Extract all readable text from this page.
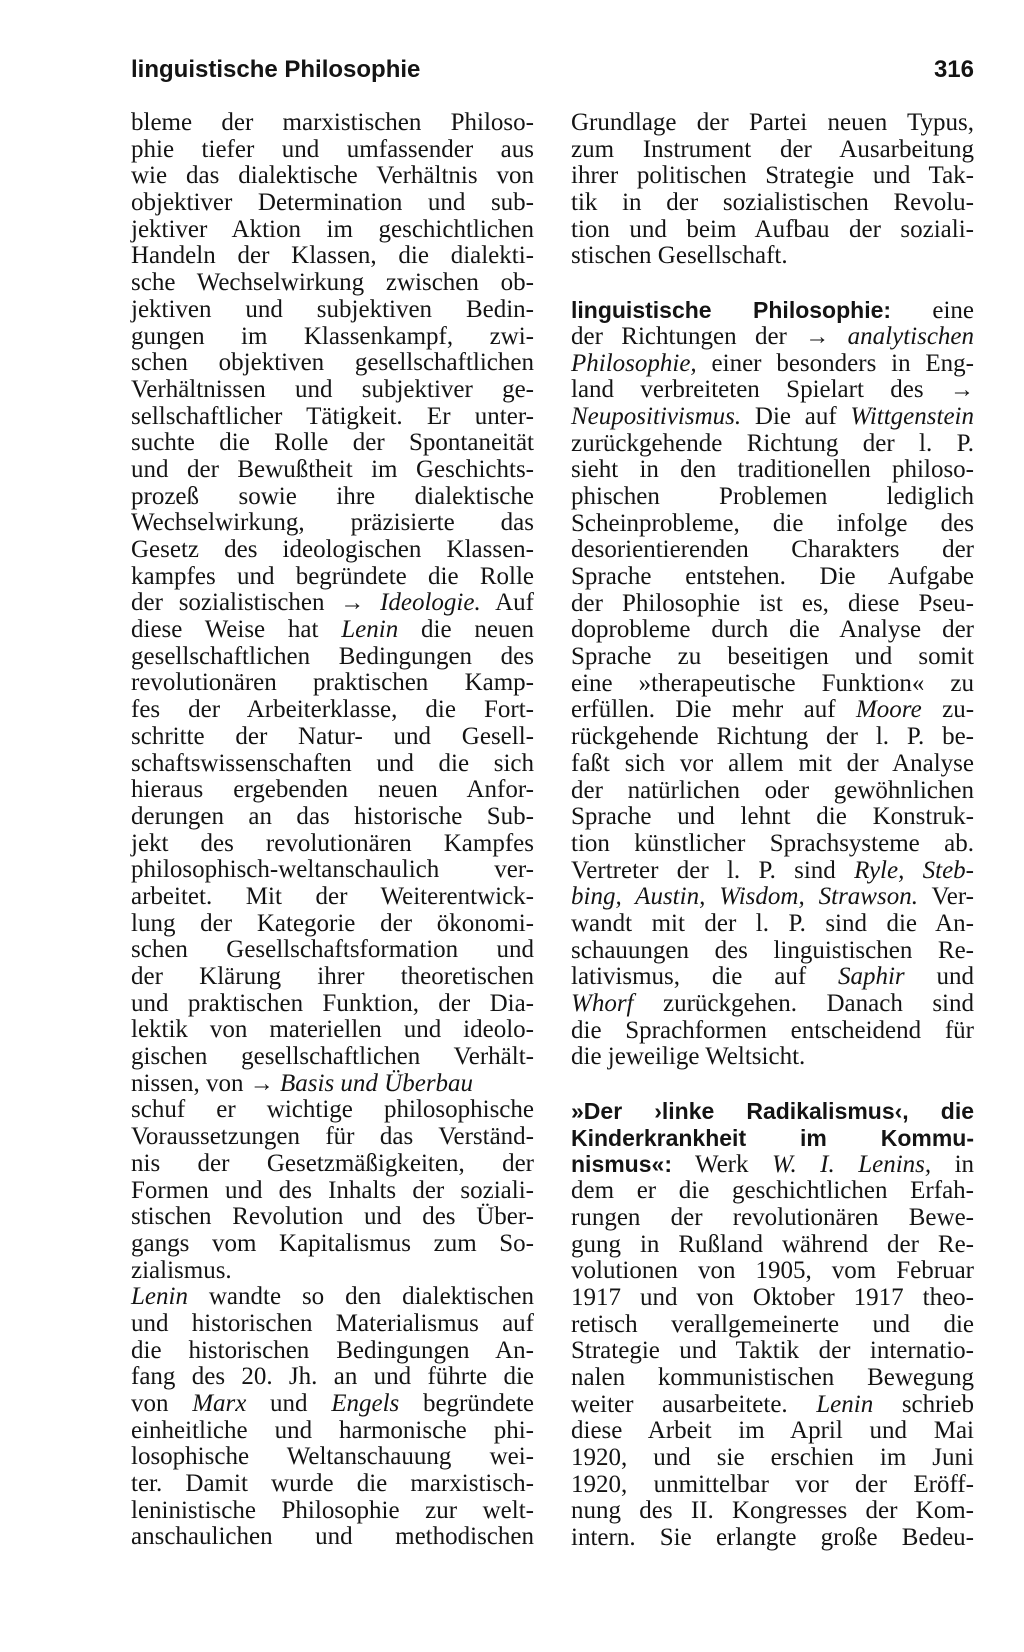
linguistische Philosophie	316
bleme der marxistischen Philoso-
phie tiefer und umfassender aus
wie das dialektische Verhältnis von
objektiver Determination und sub-
jektiver Aktion im geschichtlichen
Handeln der Klassen, die dialekti-
sche Wechselwirkung zwischen ob-
jektiven und subjektiven Bedin-
gungen im Klassenkampf, zwi-
schen objektiven gesellschaftlichen
Verhältnissen und subjektiver ge-
sellschaftlicher Tätigkeit. Er unter-
suchte die Rolle der Spontaneität
und der Bewußtheit im Geschichts-
prozeß sowie ihre dialektische
Wechselwirkung, präzisierte das
Gesetz des ideologischen Klassen-
kampfes und begründete die Rolle
der sozialistischen → Ideologie. Auf
diese Weise hat Lenin die neuen
gesellschaftlichen Bedingungen des
revolutionären praktischen Kamp-
fes der Arbeiterklasse, die Fort-
schritte der Natur- und Gesell-
schaftswissenschaften und die sich
hieraus ergebenden neuen Anfor-
derungen an das historische Sub-
jekt des revolutionären Kampfes
philosophisch-weltanschaulich ver-
arbeitet. Mit der Weiterentwick-
lung der Kategorie der ökonomi-
schen Gesellschaftsformation und
der Klärung ihrer theoretischen
und praktischen Funktion, der Dia-
lektik von materiellen und ideolo-
gischen gesellschaftlichen Verhält-
nissen, von → Basis und Überbau
schuf er wichtige philosophische
Voraussetzungen für das Verständ-
nis der Gesetzmäßigkeiten, der
Formen und des Inhalts der soziali-
stischen Revolution und des Über-
gangs vom Kapitalismus zum So-
zialismus.
Lenin wandte so den dialektischen
und historischen Materialismus auf
die historischen Bedingungen An-
fang des 20. Jh. an und führte die
von Marx und Engels begründete
einheitliche und harmonische phi-
losophische Weltanschauung wei-
ter. Damit wurde die marxistisch-
leninistische Philosophie zur welt-
anschaulichen und methodischen
Grundlage der Partei neuen Typus,
zum Instrument der Ausarbeitung
ihrer politischen Strategie und Tak-
tik in der sozialistischen Revolu-
tion und beim Aufbau der soziali-
stischen Gesellschaft.
linguistische Philosophie: eine
der Richtungen der → analytischen
Philosophie, einer besonders in Eng-
land verbreiteten Spielart des →
Neupositivismus. Die auf Wittgenstein
zurückgehende Richtung der l. P.
sieht in den traditionellen philoso-
phischen Problemen lediglich
Scheinprobleme, die infolge des
desorientierenden Charakters der
Sprache entstehen. Die Aufgabe
der Philosophie ist es, diese Pseu-
doprobleme durch die Analyse der
Sprache zu beseitigen und somit
eine »therapeutische Funktion« zu
erfüllen. Die mehr auf Moore zu-
rückgehende Richtung der l. P. be-
faßt sich vor allem mit der Analyse
der natürlichen oder gewöhnlichen
Sprache und lehnt die Konstruk-
tion künstlicher Sprachsysteme ab.
Vertreter der l. P. sind Ryle, Steb-
bing, Austin, Wisdom, Strawson. Ver-
wandt mit der l. P. sind die An-
schauungen des linguistischen Re-
lativismus, die auf Saphir und
Whorf zurückgehen. Danach sind
die Sprachformen entscheidend für
die jeweilige Weltsicht.
»Der ›linke Radikalismus‹, die
Kinderkrankheit im Kommu-
nismus«: Werk W. I. Lenins, in
dem er die geschichtlichen Erfah-
rungen der revolutionären Bewe-
gung in Rußland während der Re-
volutionen von 1905, vom Februar
1917 und von Oktober 1917 theo-
retisch verallgemeinerte und die
Strategie und Taktik der internatio-
nalen kommunistischen Bewegung
weiter ausarbeitete. Lenin schrieb
diese Arbeit im April und Mai
1920, und sie erschien im Juni
1920, unmittelbar vor der Eröff-
nung des II. Kongresses der Kom-
intern. Sie erlangte große Bedeu-
